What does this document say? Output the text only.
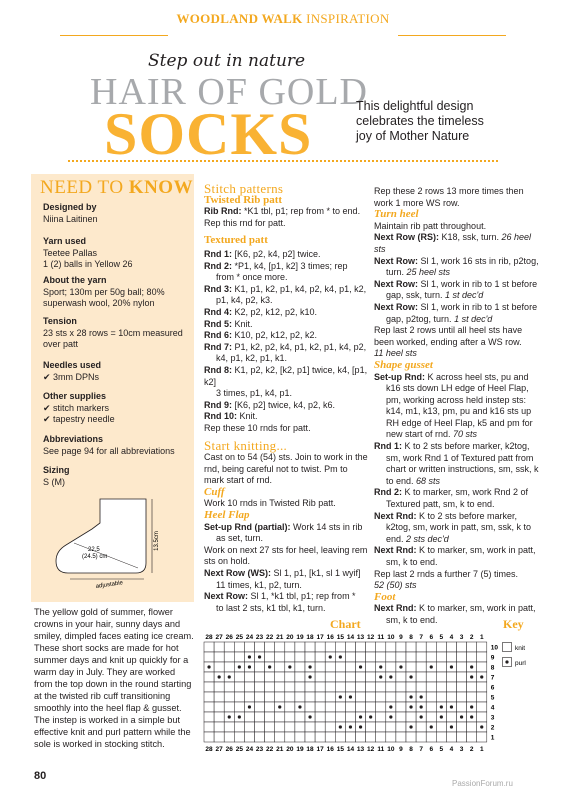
WOODLAND WALK INSPIRATION
Step out in nature
HAIR OF GOLD
SOCKS	This delightful design celebrates the timeless joy of Mother Nature
NEED TO KNOW
Designed by
Niina Laitinen
Yarn used
Teetee Pallas
1 (2) balls in Yellow 26
About the yarn
Sport; 130m per 50g ball; 80% superwash wool, 20% nylon
Tension
23 sts x 28 rows = 10cm measured over patt
Needles used
✔ 3mm DPNs
Other supplies
✔ stitch markers
✔ tapestry needle
Abbreviations
See page 94 for all abbreviations
Sizing
S (M)
13.5cm
22.5
(24.5) cm
adjustable
The yellow gold of summer, flower crowns in your hair, sunny days and smiley, dimpled faces eating ice cream. These short socks are made for hot summer days and knit up quickly for a warm day in July. They are worked from the top down in the round starting at the twisted rib cuff transitioning smoothly into the heel flap & gusset. The instep is worked in a simple but effective knit and purl pattern while the sole is worked in stocking stitch.
Stitch patterns
Twisted Rib patt

Rib Rnd: *K1 tbl, p1; rep from * to end.

Rep this rnd for patt.

Textured patt

Rnd 1: [K6, p2, k4, p2] twice.

Rnd 2: *P1, k4, [p1, k2] 3 times; rep

from * once more.

Rnd 3: K1, p1, k2, p1, k4, p2, k4, p1, k2,

p1, k4, p2, k3.

Rnd 4: K2, p2, k12, p2, k10.

Rnd 5: Knit.

Rnd 6: K10, p2, k12, p2, k2.

Rnd 7: P1, k2, p2, k4, p1, k2, p1, k4, p2,

k4, p1, k2, p1, k1.

Rnd 8: K1, p2, k2, [k2, p1] twice, k4, [p1, k2]

3 times, p1, k4, p1.

Rnd 9: [K6, p2] twice, k4, p2, k6.

Rnd 10: Knit.

Rep these 10 rnds for patt.

Start knitting...

Cast on to 54 (54) sts. Join to work in the rnd, being careful not to twist. Pm to mark start of rnd.

Cuff

Work 10 rnds in Twisted Rib patt.

Heel Flap

Set-up Rnd (partial): Work 14 sts in rib

as set, turn.

Work on next 27 sts for heel, leaving rem sts on hold.

Next Row (WS): Sl 1, p1, [k1, sl 1 wyif]

11 times, k1, p2, turn.

Next Row: Sl 1, *k1 tbl, p1; rep from *

to last 2 sts, k1 tbl, k1, turn.

Rep these 2 rows 13 more times then work 1 more WS row.

Turn heel

Maintain rib patt throughout.

Next Row (RS): K18, ssk, turn. 26 heel sts

Next Row: Sl 1, work 16 sts in rib, p2tog,

turn. 25 heel sts

Next Row: Sl 1, work in rib to 1 st before

gap, ssk, turn. 1 st dec'd

Next Row: Sl 1, work in rib to 1 st before

gap, p2tog, turn. 1 st dec'd

Rep last 2 rows until all heel sts have been worked, ending after a WS row.

11 heel sts

Shape gusset

Set-up Rnd: K across heel sts, pu and

k16 sts down LH edge of Heel Flap,

pm, working across held instep sts:

k14, m1, k13, pm, pu and k16 sts up

RH edge of Heel Flap, k5 and pm for

new start of rnd. 70 sts

Rnd 1: K to 2 sts before marker, k2tog,

sm, work Rnd 1 of Textured patt from

chart or written instructions, sm, ssk, k

to end. 68 sts

Rnd 2: K to marker, sm, work Rnd 2 of

Textured patt, sm, k to end.

Next Rnd: K to 2 sts before marker,

k2tog, sm, work in patt, sm, ssk, k to

end. 2 sts dec'd

Next Rnd: K to marker, sm, work in patt,

sm, k to end.

Rep last 2 rnds a further 7 (5) times.

52 (50) sts

Foot

Next Rnd: K to marker, sm, work in patt,

sm, k to end.

Chart	Key
28
28
27
27
26
26
25
25
24
24
23
23
22
22
21
21
20
20
19
19
18
18
17
17
16
16
15
15
14
14
13
13
12
12
11
11
10
10
9
9
8
8
7
7
6
6
5
5
4
4
3
3
2
2
1
1
10
9
8
7
6
5
4
3
2
1
knit
purl
80
PassionForum.ru
